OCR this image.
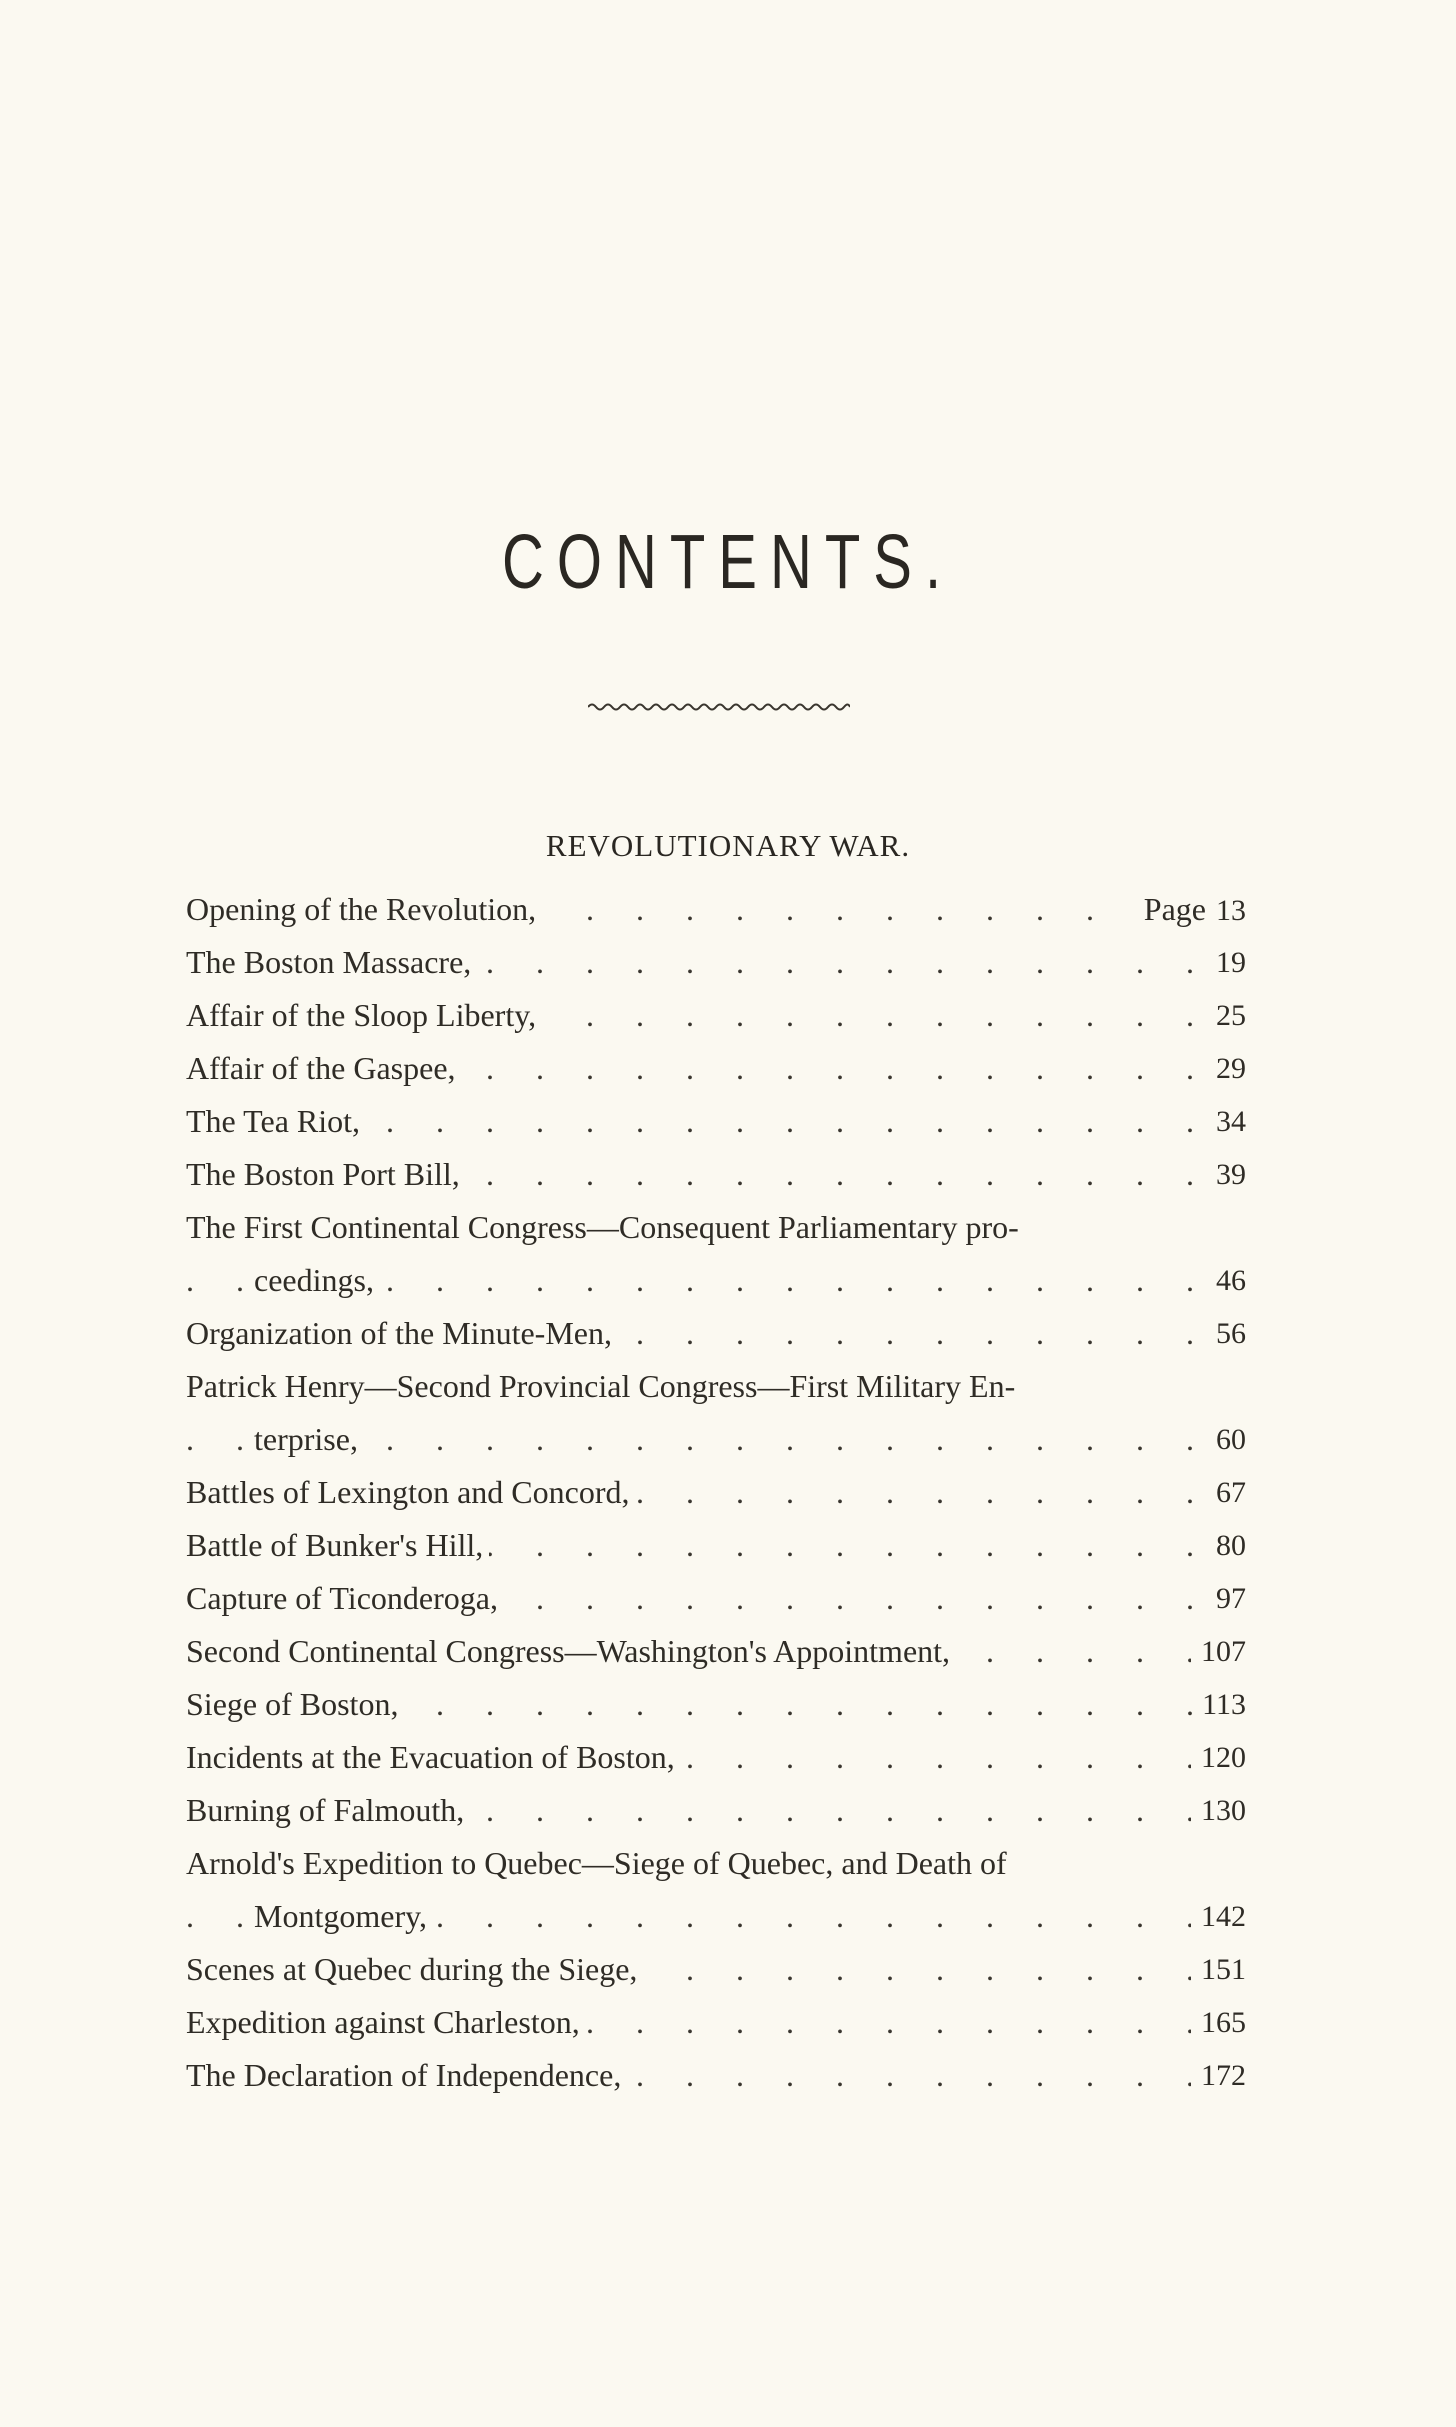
CONTENTS.
REVOLUTIONARY WAR.
. . . Opening of the Revolution,	Page 13
. . . The Boston Massacre,	19
. . . Affair of the Sloop Liberty,	25
. . . Affair of the Gaspee,	29
. . . The Tea Riot,	34
. . . The Boston Port Bill,	39
The First Continental Congress—Consequent Parliamentary pro-
. . . ceedings,	46
. . . Organization of the Minute-Men,	56
Patrick Henry—Second Provincial Congress—First Military En-
. . . terprise,	60
. . . Battles of Lexington and Concord,	67
. . . Battle of Bunker's Hill,	80
. . . Capture of Ticonderoga,	97
. . . Second Continental Congress—Washington's Appointment,	107
. . . Siege of Boston,	113
. . . Incidents at the Evacuation of Boston,	120
. . . Burning of Falmouth,	130
Arnold's Expedition to Quebec—Siege of Quebec, and Death of
. . . Montgomery,	142
. . . Scenes at Quebec during the Siege,	151
. . . Expedition against Charleston,	165
. . . The Declaration of Independence,	172
